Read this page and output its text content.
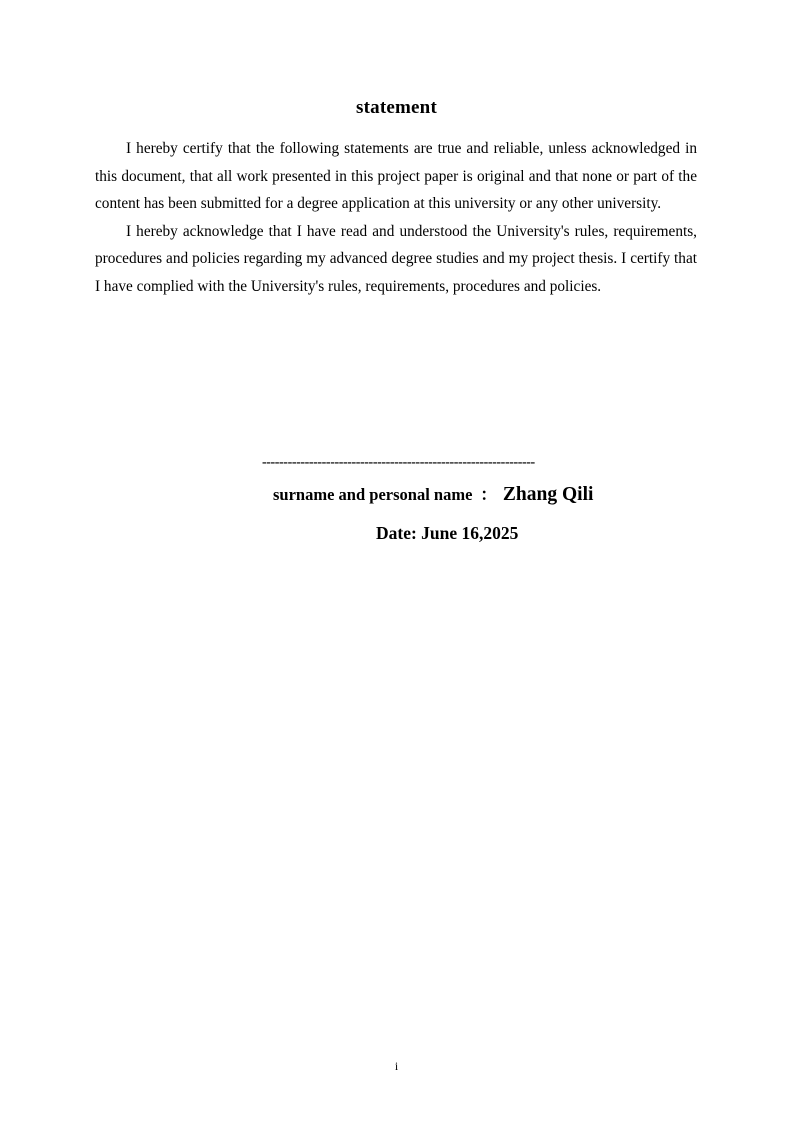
statement

I hereby certify that the following statements are true and reliable, unless acknowledged in this document, that all work presented in this project paper is original and that none or part of the content has been submitted for a degree application at this university or any other university.

I hereby acknowledge that I have read and understood the University's rules, requirements, procedures and policies regarding my advanced degree studies and my project thesis. I certify that I have complied with the University's rules, requirements, procedures and policies.

----------------------------------------------------------------
surname and personal name ： Zhang Qili
Date: June 16,2025
i
